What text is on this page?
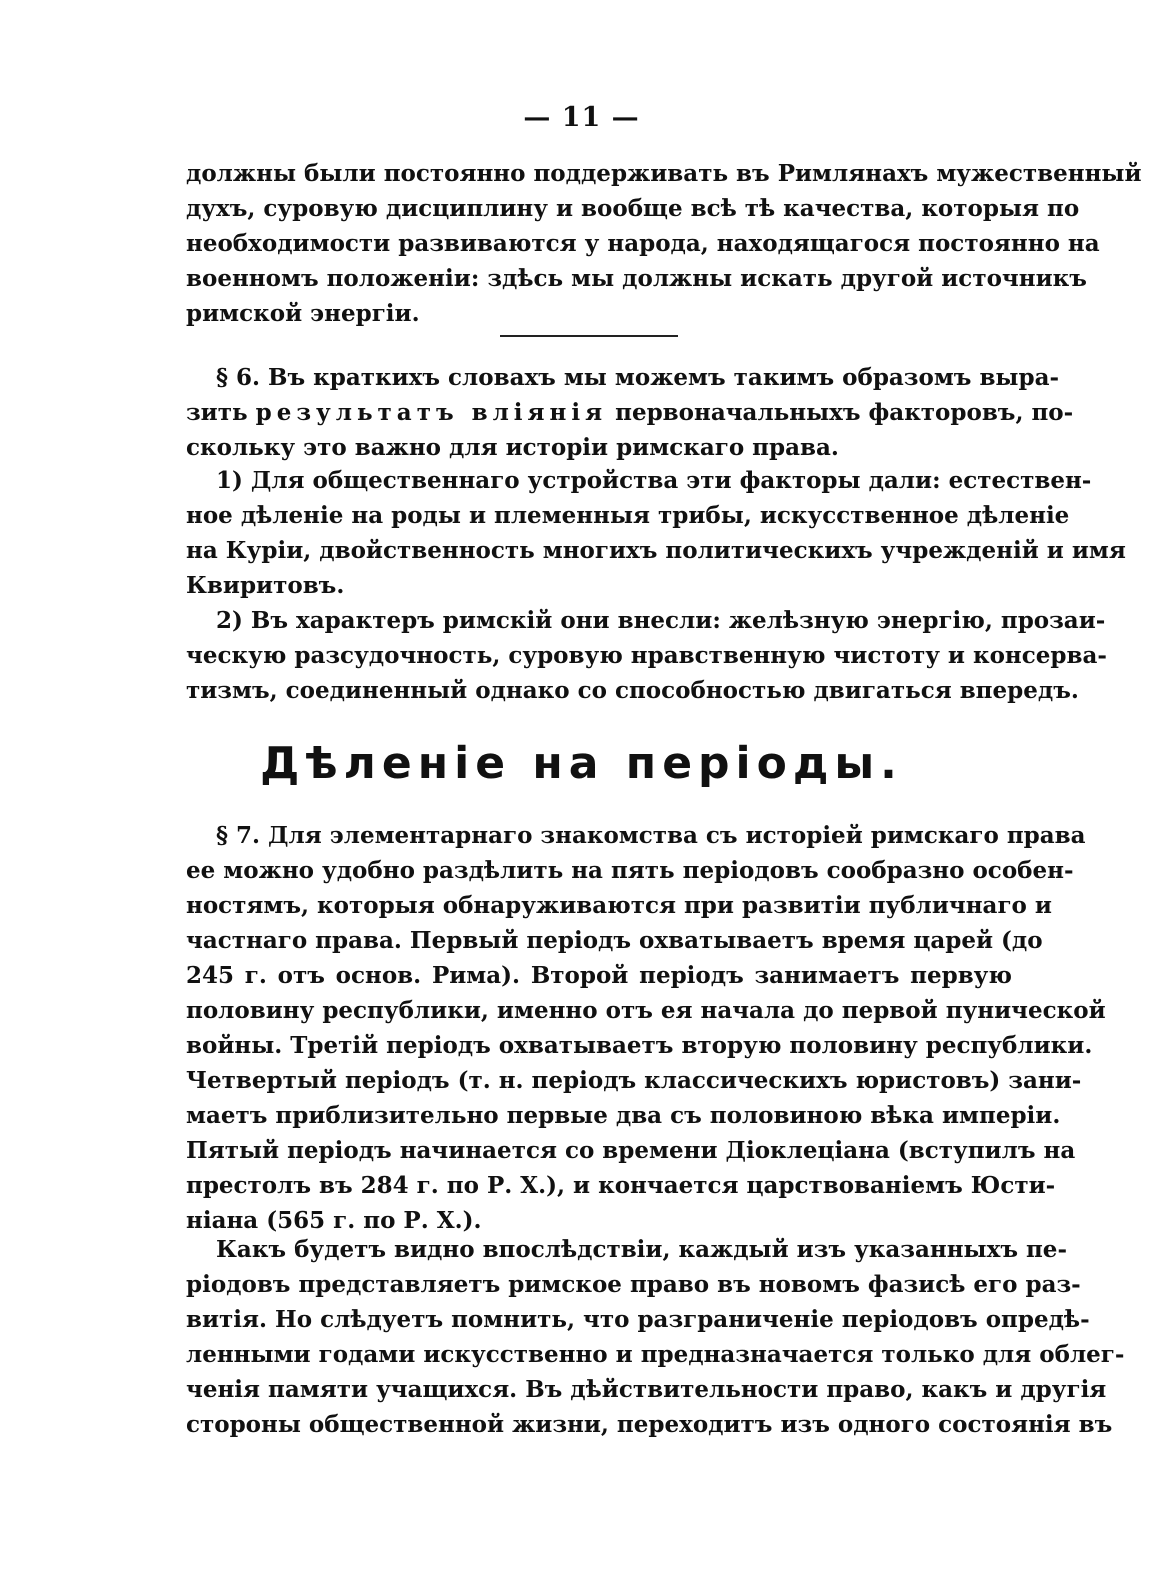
— 11 —
должны были постоянно поддерживать въ Римлянахъ мужественный
духъ, суровую дисциплину и вообще всѣ тѣ качества, которыя по
необходимости развиваются у народа, находящагося постоянно на
военномъ положеніи: здѣсь мы должны искать другой источникъ
римской энергіи.
§ 6. Въ краткихъ словахъ мы можемъ такимъ образомъ выра-
зить результатъ вліянія первоначальныхъ факторовъ, по-
скольку это важно для исторіи римскаго права.
1) Для общественнаго устройства эти факторы дали: естествен-
ное дѣленіе на роды и племенныя трибы, искусственное дѣленіе
на Куріи, двойственность многихъ политическихъ учрежденій и имя
Квиритовъ.
2) Въ характеръ римскій они внесли: желѣзную энергію, прозаи-
ческую разсудочность, суровую нравственную чистоту и консерва-
тизмъ, соединенный однако со способностью двигаться впередъ.
Дѣленіе на періоды.
§ 7. Для элементарнаго знакомства съ исторіей римскаго права
ее можно удобно раздѣлить на пять періодовъ сообразно особен-
ностямъ, которыя обнаруживаются при развитіи публичнаго и
частнаго права. Первый періодъ охватываетъ время царей (до
245 г. отъ основ. Рима). Второй періодъ занимаетъ первую
половину республики, именно отъ ея начала до первой пунической
войны. Третій періодъ охватываетъ вторую половину республики.
Четвертый періодъ (т. н. періодъ классическихъ юристовъ) зани-
маетъ приблизительно первые два съ половиною вѣка имперіи.
Пятый періодъ начинается со времени Діоклеціана (вступилъ на
престолъ въ 284 г. по Р. Х.), и кончается царствованіемъ Юсти-
ніана (565 г. по Р. Х.).
Какъ будетъ видно впослѣдствіи, каждый изъ указанныхъ пе-
ріодовъ представляетъ римское право въ новомъ фазисѣ его раз-
витія. Но слѣдуетъ помнить, что разграниченіе періодовъ опредѣ-
ленными годами искусственно и предназначается только для облег-
ченія памяти учащихся. Въ дѣйствительности право, какъ и другія
стороны общественной жизни, переходитъ изъ одного состоянія въ
